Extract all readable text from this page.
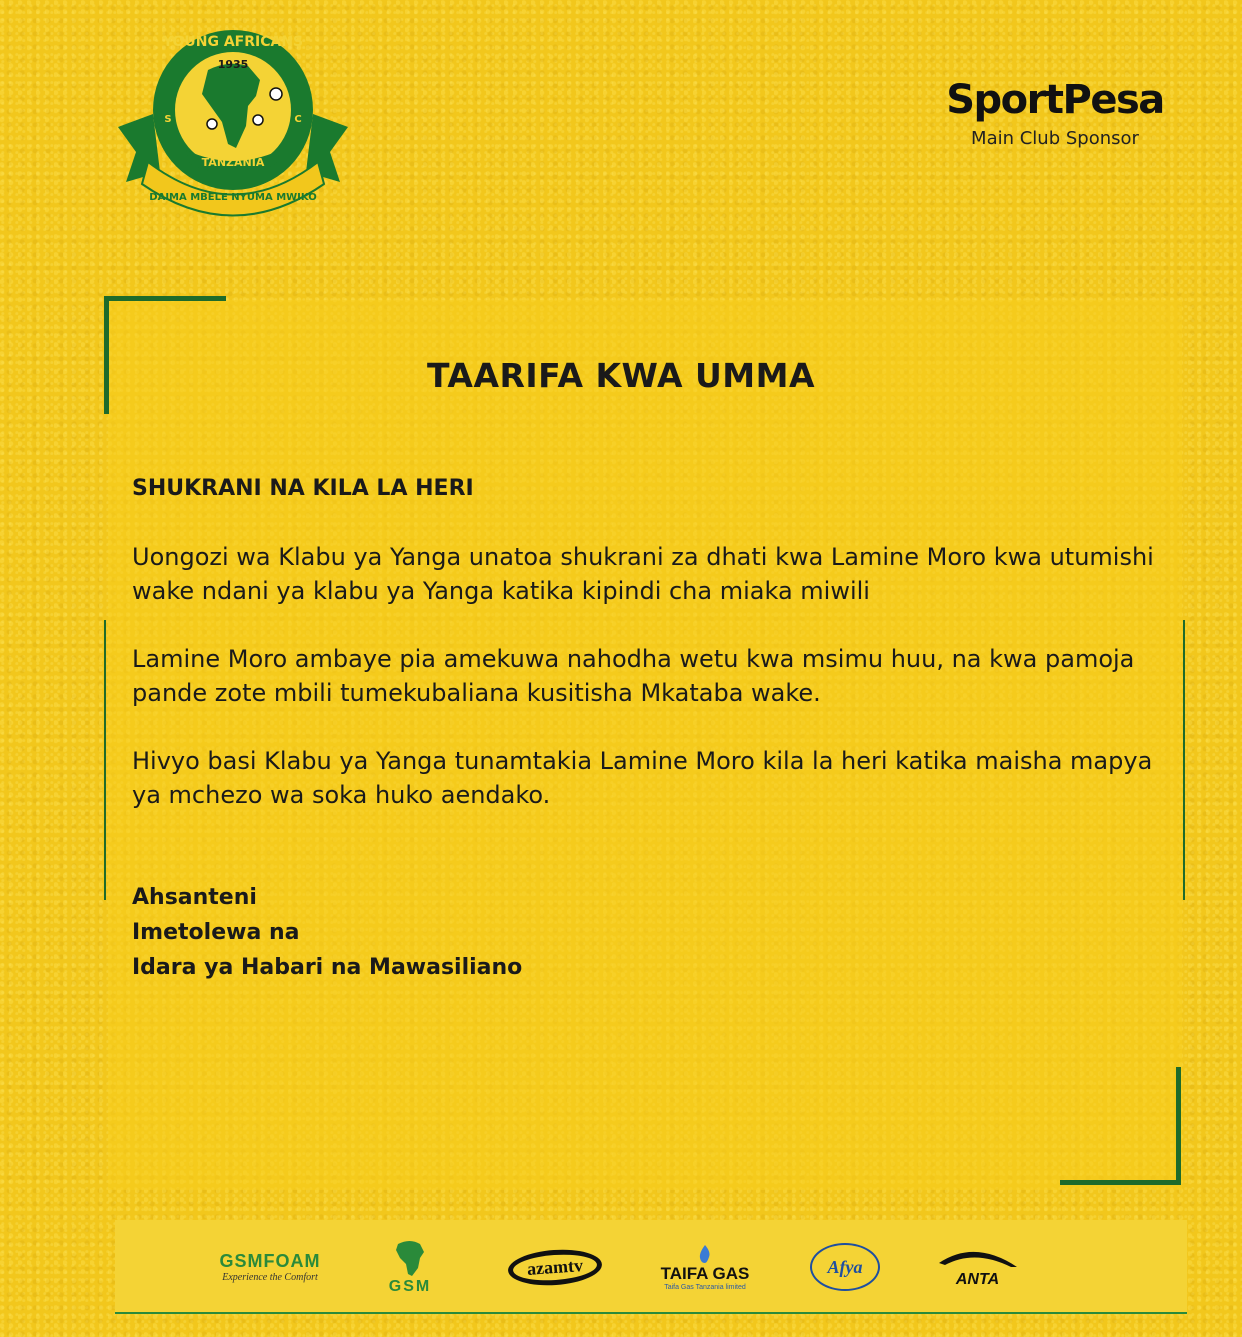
TANZANIA
YOUNG AFRICANS
1935
S	C
DAIMA MBELE NYUMA MWIKO
SportPesa
Main Club Sponsor
TAARIFA KWA UMMA
SHUKRANI NA KILA LA HERI
Uongozi wa Klabu ya Yanga unatoa shukrani za dhati kwa Lamine Moro kwa utumishi wake ndani ya klabu ya Yanga katika kipindi cha miaka miwili
Lamine Moro ambaye pia amekuwa nahodha wetu kwa msimu huu, na kwa pamoja pande zote mbili tumekubaliana kusitisha Mkataba wake.
Hivyo basi Klabu ya Yanga tunamtakia Lamine Moro kila la heri katika maisha mapya ya mchezo wa soka huko aendako.
Ahsanteni
Imetolewa na
Idara ya Habari na Mawasiliano
GSMFOAM
Experience the Comfort
GSM
azamtv	TAIFA GAS
Taifa Gas Tanzania limited
Afya
ANTA
